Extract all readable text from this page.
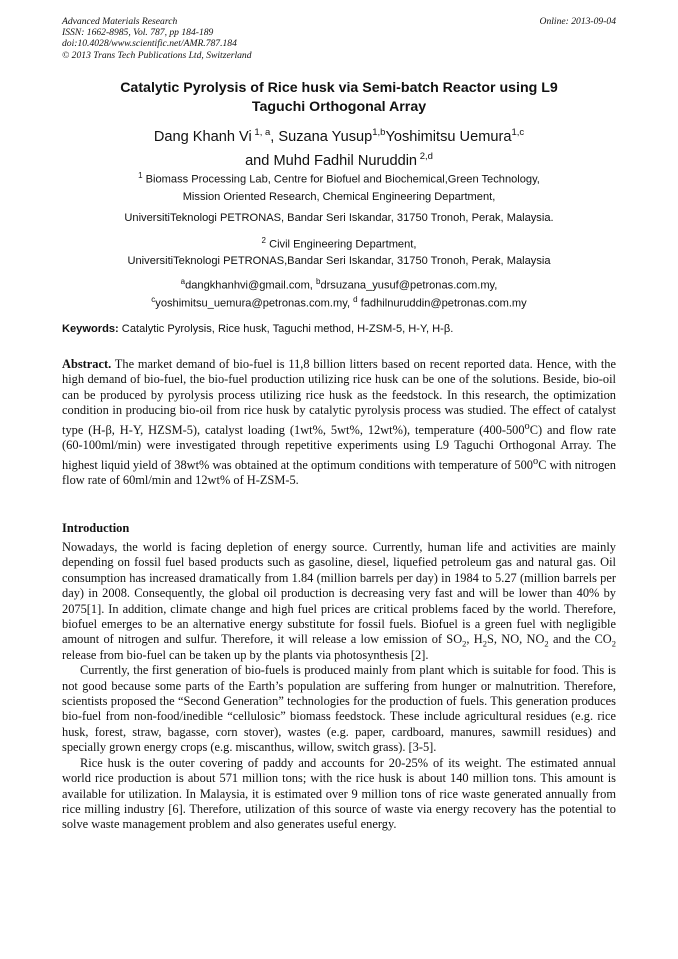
Advanced Materials Research
ISSN: 1662-8985, Vol. 787, pp 184-189
doi:10.4028/www.scientific.net/AMR.787.184
© 2013 Trans Tech Publications Ltd, Switzerland
Online: 2013-09-04
Catalytic Pyrolysis of Rice husk via Semi-batch Reactor using L9
Taguchi Orthogonal Array
Dang Khanh Vi $^{1, a}$, Suzana Yusup$^{1,b}$Yoshimitsu Uemura$^{1,c}$
and Muhd Fadhil Nuruddin $^{2,d}$
$^1$ Biomass Processing Lab, Centre for Biofuel and Biochemical,Green Technology,
Mission Oriented Research, Chemical Engineering Department,
UniversitiTeknologi PETRONAS, Bandar Seri Iskandar, 31750 Tronoh, Perak, Malaysia.
$^2$ Civil Engineering Department,
UniversitiTeknologi PETRONAS,Bandar Seri Iskandar, 31750 Tronoh, Perak, Malaysia
$^a$dangkhanhvi@gmail.com, $^b$drsuzana_yusuf@petronas.com.my,
$^c$yoshimitsu_uemura@petronas.com.my, $^d$ fadhilnuruddin@petronas.com.my
Keywords: Catalytic Pyrolysis, Rice husk, Taguchi method, H-ZSM-5, H-Y, H-β.
Abstract. The market demand of bio-fuel is 11,8 billion litters based on recent reported data. Hence, with the high demand of bio-fuel, the bio-fuel production utilizing rice husk can be one of the solutions. Beside, bio-oil can be produced by pyrolysis process utilizing rice husk as the feedstock. In this research, the optimization condition in producing bio-oil from rice husk by catalytic pyrolysis process was studied. The effect of catalyst type (H-β, H-Y, HZSM-5), catalyst loading (1wt%, 5wt%, 12wt%), temperature (400-500$^o$C) and flow rate (60-100ml/min) were investigated through repetitive experiments using L9 Taguchi Orthogonal Array. The highest liquid yield of 38wt% was obtained at the optimum conditions with temperature of 500$^o$C with nitrogen flow rate of 60ml/min and 12wt% of H-ZSM-5.
Introduction

Nowadays, the world is facing depletion of energy source. Currently, human life and activities are mainly depending on fossil fuel based products such as gasoline, diesel, liquefied petroleum gas and natural gas. Oil consumption has increased dramatically from 1.84 (million barrels per day) in 1984 to 5.27 (million barrels per day) in 2008. Consequently, the global oil production is decreasing very fast and will be lower than 40% by 2075[1]. In addition, climate change and high fuel prices are critical problems faced by the world. Therefore, biofuel emerges to be an alternative energy substitute for fossil fuels. Biofuel is a green fuel with negligible amount of nitrogen and sulfur. Therefore, it will release a low emission of $SO_2$, $H_2S$, NO, $NO_2$ and the $CO_2$ release from bio-fuel can be taken up by the plants via photosynthesis [2].

Currently, the first generation of bio-fuels is produced mainly from plant which is suitable for food. This is not good because some parts of the Earth’s population are suffering from hunger or malnutrition. Therefore, scientists proposed the “Second Generation” technologies for the production of fuels. This generation produces bio-fuel from non-food/inedible “cellulosic” biomass feedstock. These include agricultural residues (e.g. rice husk, forest, straw, bagasse, corn stover), wastes (e.g. paper, cardboard, manures, sawmill residues) and specially grown energy crops (e.g. miscanthus, willow, switch grass). [3-5].

Rice husk is the outer covering of paddy and accounts for 20-25% of its weight. The estimated annual world rice production is about 571 million tons; with the rice husk is about 140 million tons. This amount is available for utilization. In Malaysia, it is estimated over 9 million tons of rice waste generated annually from rice milling industry [6]. Therefore, utilization of this source of waste via energy recovery has the potential to solve waste management problem and also generates useful energy.
